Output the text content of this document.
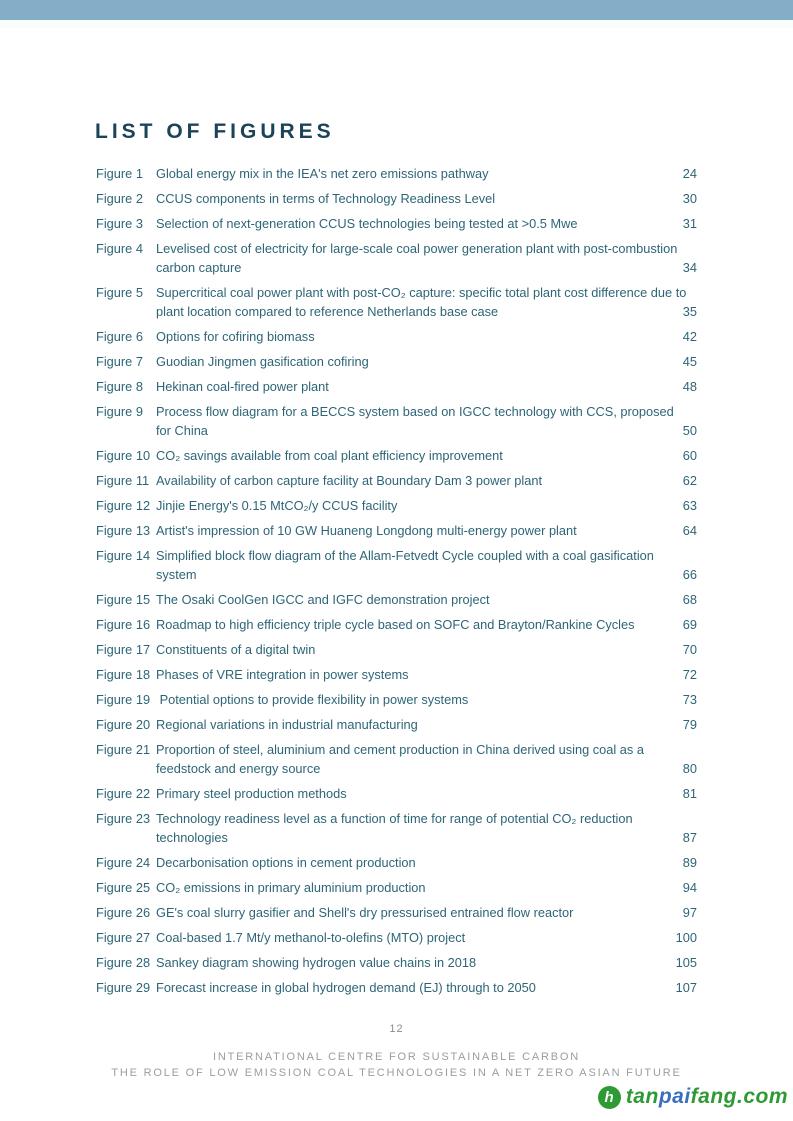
LIST OF FIGURES
Figure 1	Global energy mix in the IEA's net zero emissions pathway	24
Figure 2	CCUS components in terms of Technology Readiness Level	30
Figure 3	Selection of next-generation CCUS technologies being tested at >0.5 Mwe	31
Figure 4	Levelised cost of electricity for large-scale coal power generation plant with post-combustion carbon capture	34
Figure 5	Supercritical coal power plant with post-CO₂ capture: specific total plant cost difference due to plant location compared to reference Netherlands base case	35
Figure 6	Options for cofiring biomass	42
Figure 7	Guodian Jingmen gasification cofiring	45
Figure 8	Hekinan coal-fired power plant	48
Figure 9	Process flow diagram for a BECCS system based on IGCC technology with CCS, proposed for China	50
Figure 10 CO₂ savings available from coal plant efficiency improvement	60
Figure 11 Availability of carbon capture facility at Boundary Dam 3 power plant	62
Figure 12 Jinjie Energy's 0.15 MtCO₂/y CCUS facility	63
Figure 13 Artist's impression of 10 GW Huaneng Longdong multi-energy power plant	64
Figure 14 Simplified block flow diagram of the Allam-Fetvedt Cycle coupled with a coal gasification system	66
Figure 15 The Osaki CoolGen IGCC and IGFC demonstration project	68
Figure 16 Roadmap to high efficiency triple cycle based on SOFC and Brayton/Rankine Cycles	69
Figure 17 Constituents of a digital twin	70
Figure 18 Phases of VRE integration in power systems	72
Figure 19 Potential options to provide flexibility in power systems	73
Figure 20 Regional variations in industrial manufacturing	79
Figure 21 Proportion of steel, aluminium and cement production in China derived using coal as a feedstock and energy source	80
Figure 22 Primary steel production methods	81
Figure 23 Technology readiness level as a function of time for range of potential CO₂ reduction technologies	87
Figure 24 Decarbonisation options in cement production	89
Figure 25 CO₂ emissions in primary aluminium production	94
Figure 26 GE's coal slurry gasifier and Shell's dry pressurised entrained flow reactor	97
Figure 27 Coal-based 1.7 Mt/y methanol-to-olefins (MTO) project	100
Figure 28 Sankey diagram showing hydrogen value chains in 2018	105
Figure 29 Forecast increase in global hydrogen demand (EJ) through to 2050	107
12
INTERNATIONAL CENTRE FOR SUSTAINABLE CARBON
THE ROLE OF LOW EMISSION COAL TECHNOLOGIES IN A NET ZERO ASIAN FUTURE
h tan pai fang.com
